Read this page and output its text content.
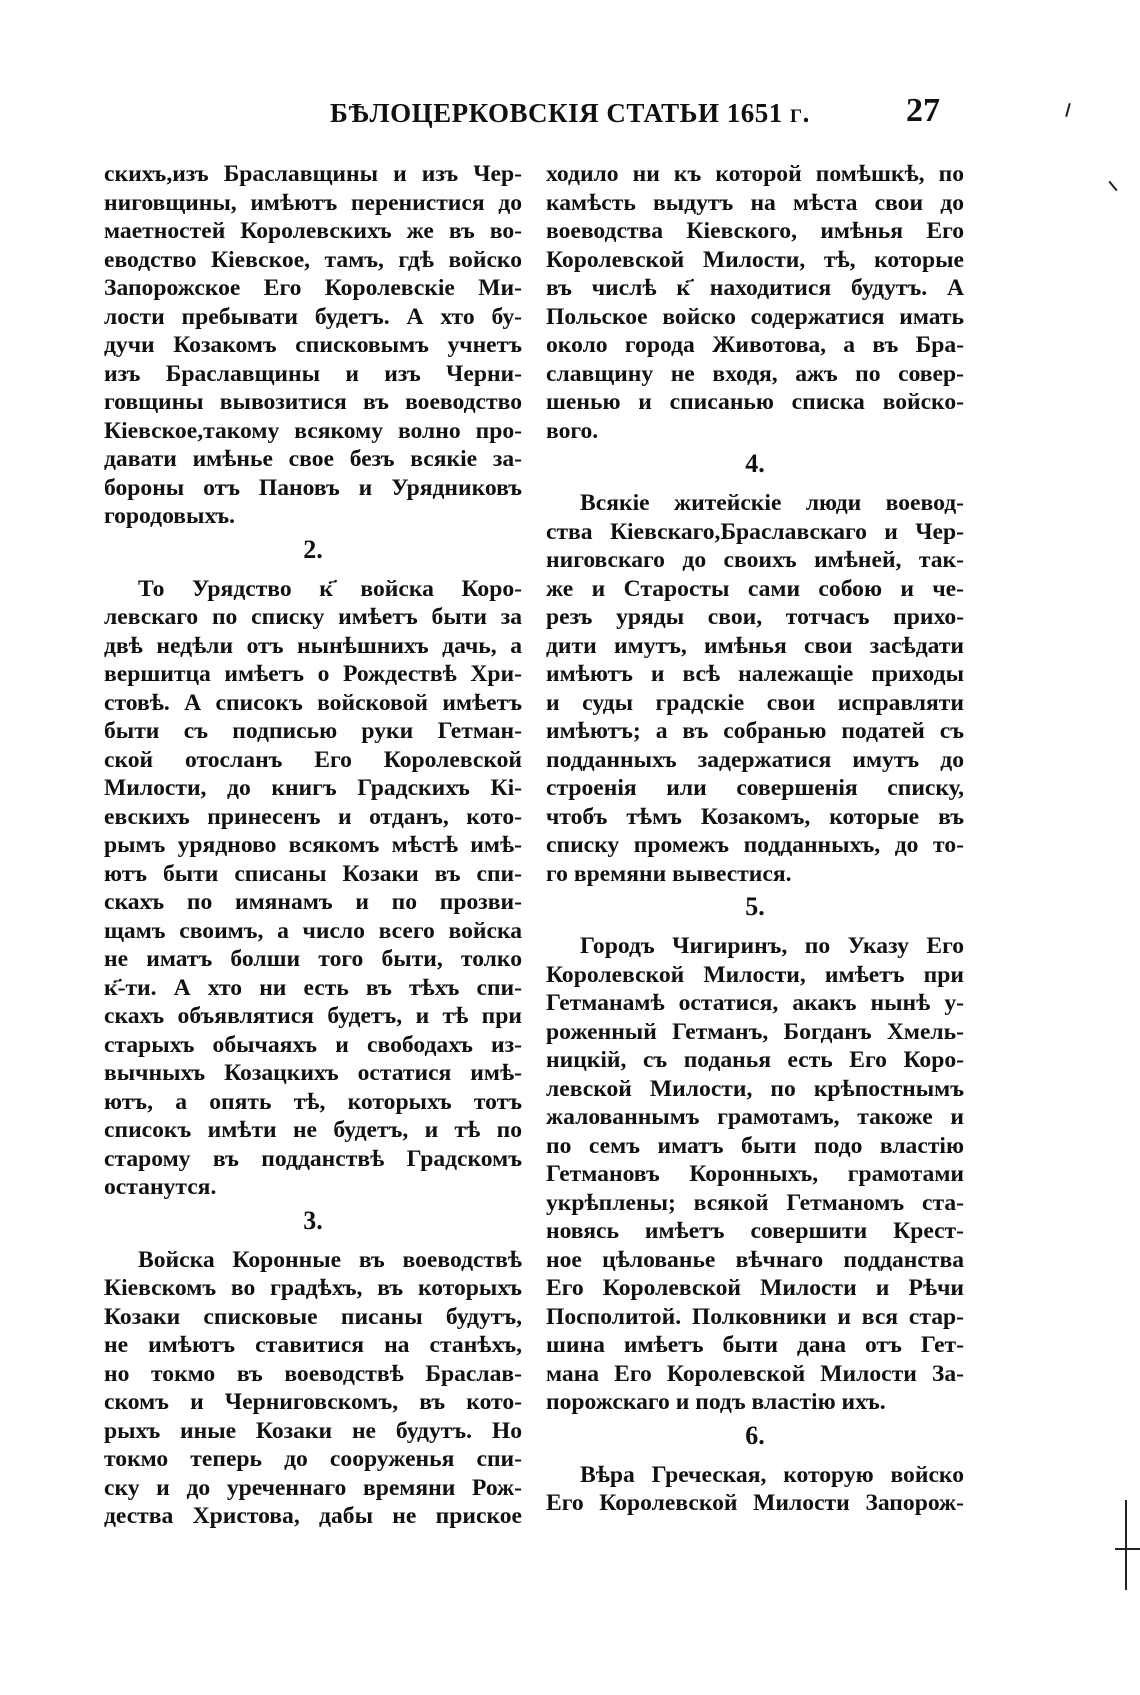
БѢЛОЦЕРКОВСКІЯ СТАТЬИ 1651 г.	27
скихъ,изъ Браславщины и изъ Чер-
ниговщины, имѣютъ перенистися до
маетностей Королевскихъ же въ во-
еводство Кіевское, тамъ, гдѣ войско
Запорожское Его Королевскіе Ми-
лости пребывати будетъ. А хто бу-
дучи Козакомъ списковымъ учнетъ
изъ Браславщины и изъ Черни-
говщины вывозитися въ воеводство
Кіевское,такому всякому волно про-
давати имѣнье свое безъ всякіе за-
бороны отъ Пановъ и Урядниковъ
городовыхъ.
2.
То Урядство к҃ войска Коро-
левскаго по списку имѣетъ быти за
двѣ недѣли отъ нынѣшнихъ дачь, а
вершитца имѣетъ о Рождествѣ Хри-
стовѣ. А списокъ войсковой имѣетъ
быти съ подписью руки Гетман-
ской отосланъ Его Королевской
Милости, до книгъ Градскихъ Кі-
евскихъ принесенъ и отданъ, кото-
рымъ урядново всякомъ мѣстѣ имѣ-
ютъ быти списаны Козаки въ спи-
скахъ по имянамъ и по прозви-
щамъ своимъ, а число всего войска
не иматъ болши того быти, толко
к҃-ти. А хто ни есть въ тѣхъ спи-
скахъ объявлятися будетъ, и тѣ при
старыхъ обычаяхъ и свободахъ из-
вычныхъ Козацкихъ остатися имѣ-
ютъ, а опять тѣ, которыхъ тотъ
списокъ имѣти не будетъ, и тѣ по
старому въ подданствѣ Градскомъ
останутся.
3.
Войска Коронные въ воеводствѣ
Кіевскомъ во градѣхъ, въ которыхъ
Козаки списковые писаны будутъ,
не имѣютъ ставитися на станѣхъ,
но токмо въ воеводствѣ Браслав-
скомъ и Черниговскомъ, въ кото-
рыхъ иные Козаки не будутъ. Но
токмо теперь до сооруженья спи-
ску и до уреченнаго времяни Рож-
дества Христова, дабы не приское
ходило ни къ которой помѣшкѣ, по
камѣсть выдутъ на мѣста свои до
воеводства Кіевского, имѣнья Его
Королевской Милости, тѣ, которые
въ числѣ к҃ находитися будутъ. А
Польское войско содержатися имать
около города Животова, а въ Бра-
славщину не входя, ажъ по совер-
шенью и списанью списка войско-
вого.
4.
Всякіе житейскіе люди воевод-
ства Кіевскаго,Браславскаго и Чер-
ниговскаго до своихъ имѣней, так-
же и Старосты сами собою и че-
резъ уряды свои, тотчасъ прихо-
дити имутъ, имѣнья свои засѣдати
имѣютъ и всѣ належащіе приходы
и суды градскіе свои исправляти
имѣютъ; а въ собранью податей съ
подданныхъ задержатися имутъ до
строенія или совершенія списку,
чтобъ тѣмъ Козакомъ, которые въ
списку промежъ подданныхъ, до то-
го времяни вывестися.
5.
Городъ Чигиринъ, по Указу Его
Королевской Милости, имѣетъ при
Гетманамѣ остатися, акакъ нынѣ у-
роженный Гетманъ, Богданъ Хмель-
ницкій, съ поданья есть Его Коро-
левской Милости, по крѣпостнымъ
жалованнымъ грамотамъ, такоже и
по семъ иматъ быти подо властію
Гетмановъ Коронныхъ, грамотами
укрѣплены; всякой Гетманомъ ста-
новясь имѣетъ совершити Крест-
ное цѣлованье вѣчнаго подданства
Его Королевской Милости и Рѣчи
Посполитой. Полковники и вся стар-
шина имѣетъ быти дана отъ Гет-
мана Его Королевской Милости За-
порожскаго и подъ властію ихъ.
6.
Вѣра Греческая, которую войско
Его Королевской Милости Запорож-
